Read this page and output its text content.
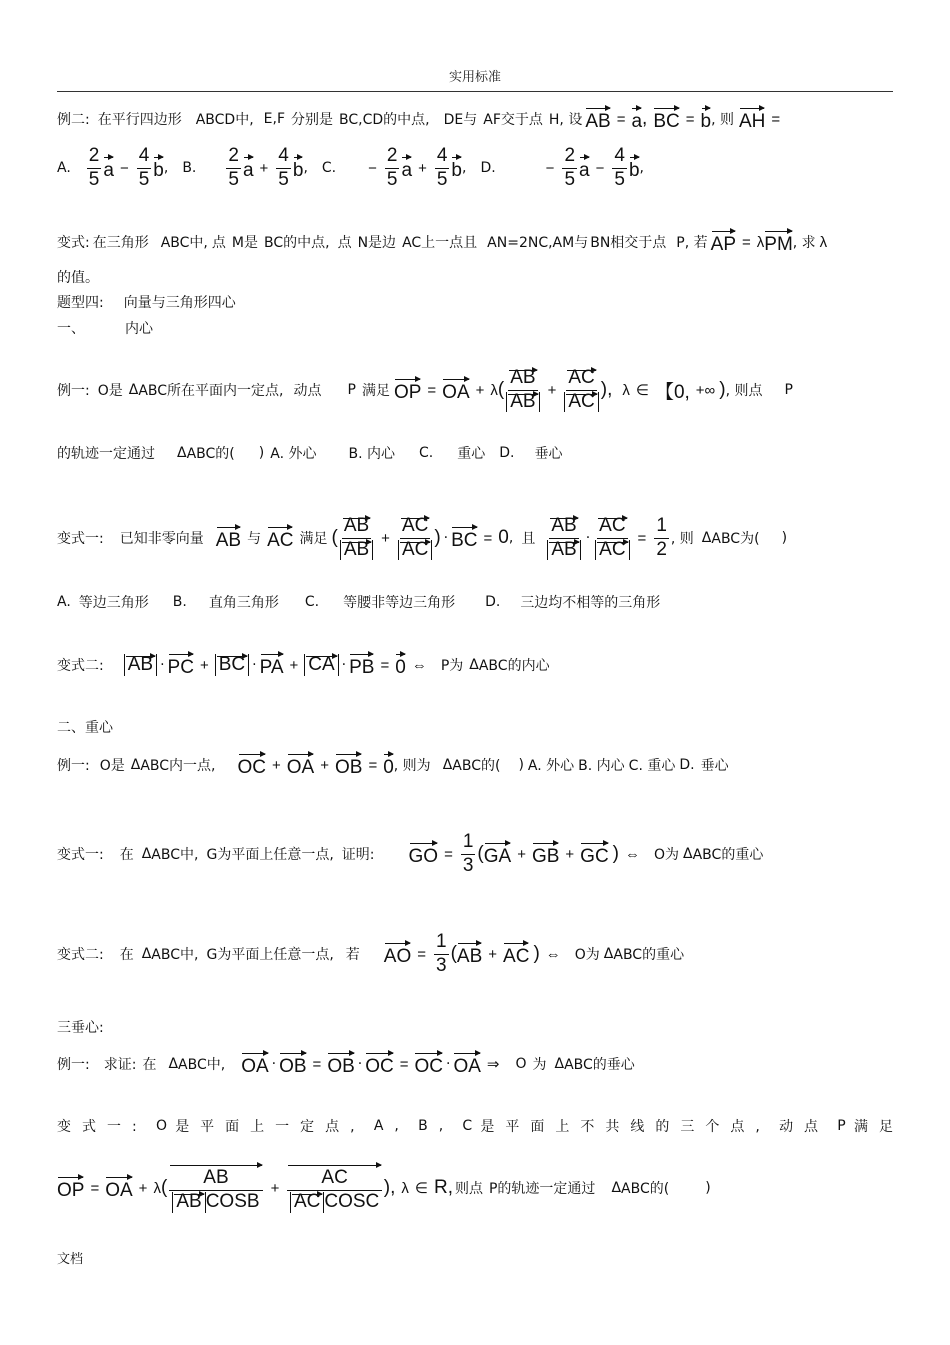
实用标准
例二: 在平行四边形 ABCD中, E,F 分别是 BC,CD的中点, DE与 AF交于点 H, 设 AB = a , BC = b , 则 AH =
A. $\frac{2}{5}$ $a - \frac{4}{5}$ b , B. $\frac{2}{5}$ $a + \frac{4}{5}$ b , C. − $\frac{2}{5}$ $a + \frac{4}{5}$ b , D.	− $\frac{2}{5}$ $a - \frac{4}{5}$ b ,
变式: 在三角形 ABC中, 点 M是 BC的中点, 点 N是边 AC上一点且 AN=2NC,AM与 BN相交于点 P, 若 AP = λ PM , 求 λ
的值。
题型四: 向量与三角形四心
一、	内心
例一: O是 Δ ABC所在平面内一定点, 动点 P 满足 OP = OA + λ ( $\frac{AB}{AB} + \frac{AC}{AC}$ ), λ ∈ 【0, +∞ ) , 则点 P
的轨迹一定通过 Δ ABC的( ) A. 外心 B. 内心 C. 重心 D. 垂心
变式一: 已知非零向量 AB 与 AC 满足 ( $\frac{AB}{AB} + \frac{AC}{AC}$ ) · BC = 0 , 且 $\frac{AB}{AB} \cdot \frac{AC}{AC} = \frac{1}{2}$ , 则 Δ ABC为( )
A. 等边三角形 B. 直角三角形 C. 等腰非等边三角形 D. 三边均不相等的三角形
变式二: AB · PC + BC · PA + CA · PB = 0 ⇔ P为 Δ ABC的内心
二、重心
例一: O是 Δ ABC内一点, OC + OA + OB = 0 , 则为 Δ ABC的( ) A. 外心 B. 内心 C. 重心 D. 垂心
变式一: 在 Δ ABC中, G为平面上任意一点, 证明: GO = $\frac{1}{3}$ ( GA + GB + GC ) ⇔ O为 Δ ABC的重心
变式二: 在 Δ ABC中, G为平面上任意一点, 若 AO = $\frac{1}{3}$ ( AB + AC ) ⇔ O为 Δ ABC的重心
三垂心:
例一: 求证: 在 Δ ABC中, OA · OB = OB · OC = OC · OA ⇒ O 为 Δ ABC的垂心
变式一: O 是平面上一定点, A, B, C 是平面上不共线的三个点, 动点 P 满足
OP = OA + λ ( $\frac{AB}{\text{AB COSB}} + \frac{AC}{\text{AC COSC}}$ ), λ ∈ R, 则点 P的轨迹一定通过 Δ ABC的(	)
文档
